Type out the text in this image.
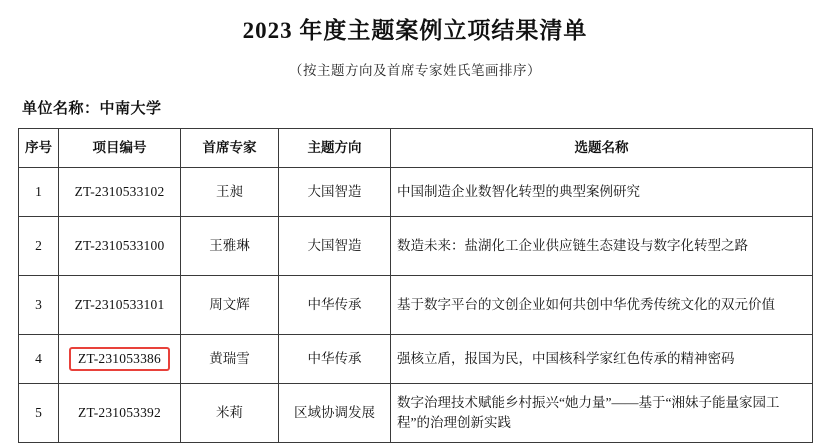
2023 年度主题案例立项结果清单
（按主题方向及首席专家姓氏笔画排序）
单位名称：中南大学
序号	项目编号	首席专家	主题方向	选题名称
1	ZT-2310533102	王昶	大国智造	中国制造企业数智化转型的典型案例研究
2	ZT-2310533100	王雅琳	大国智造	数造未来：盐湖化工企业供应链生态建设与数字化转型之路
3	ZT-2310533101	周文辉	中华传承	基于数字平台的文创企业如何共创中华优秀传统文化的双元价值
4	ZT-231053386	黄瑞雪	中华传承	强核立盾，报国为民，中国核科学家红色传承的精神密码
5	ZT-231053392	米莉	区域协调发展	数字治理技术赋能乡村振兴“她力量”——基于“湘妹子能量家园工程”的治理创新实践
